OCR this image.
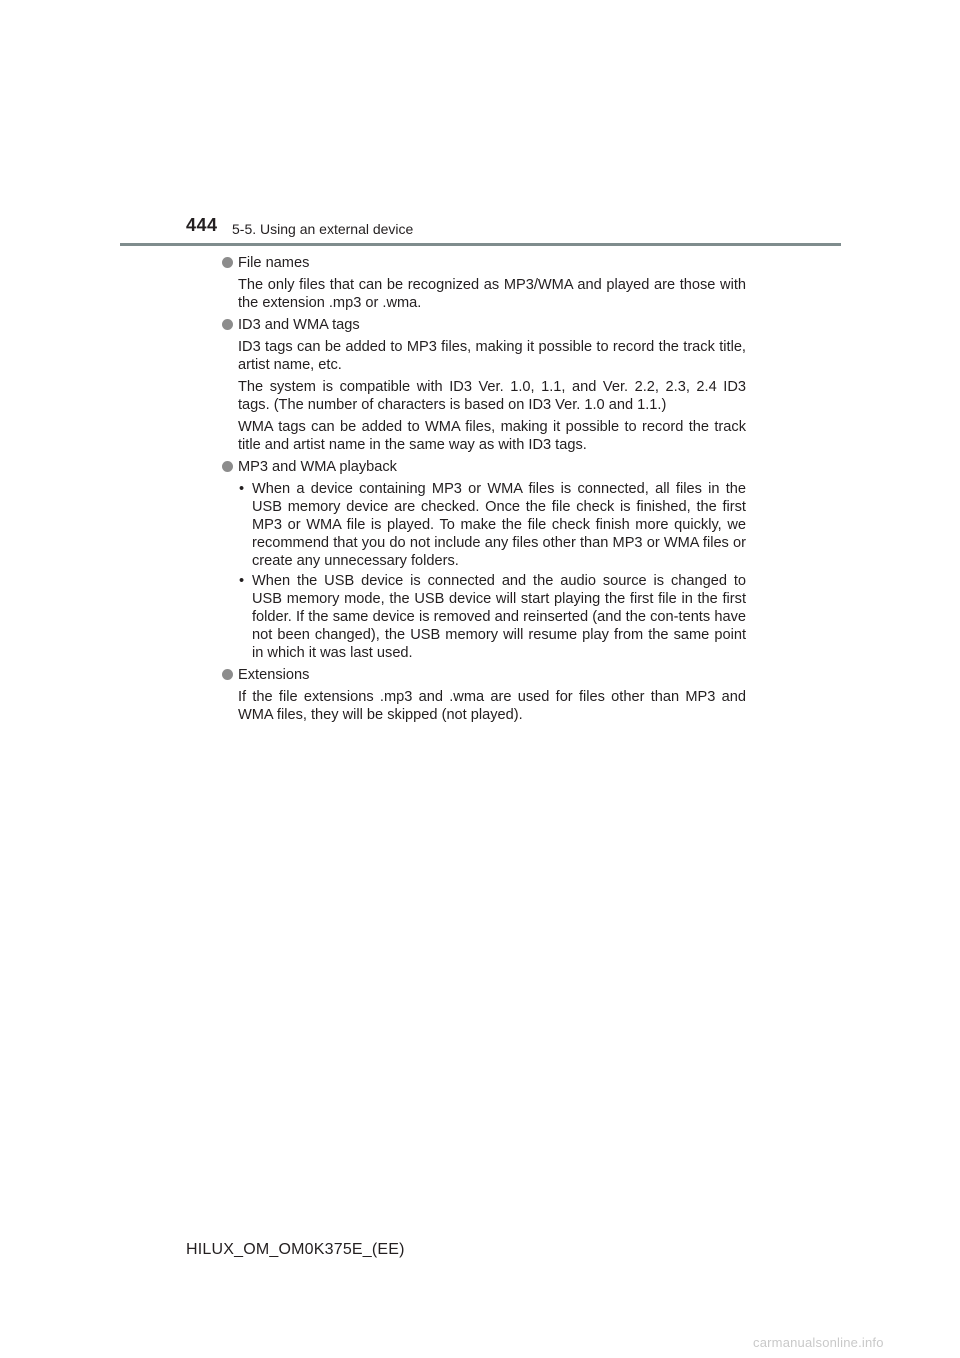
444 5-5. Using an external device
File names

The only files that can be recognized as MP3/WMA and played are those with the extension .mp3 or .wma.

ID3 and WMA tags

ID3 tags can be added to MP3 files, making it possible to record the track title, artist name, etc.

The system is compatible with ID3 Ver. 1.0, 1.1, and Ver. 2.2, 2.3, 2.4 ID3 tags. (The number of characters is based on ID3 Ver. 1.0 and 1.1.)

WMA tags can be added to WMA files, making it possible to record the track title and artist name in the same way as with ID3 tags.

MP3 and WMA playback
• When a device containing MP3 or WMA files is connected, all files in the USB memory device are checked. Once the file check is finished, the first MP3 or WMA file is played. To make the file check finish more quickly, we recommend that you do not include any files other than MP3 or WMA files or create any unnecessary folders.
• When the USB device is connected and the audio source is changed to USB memory mode, the USB device will start playing the first file in the first folder. If the same device is removed and reinserted (and the con-tents have not been changed), the USB memory will resume play from the same point in which it was last used.
Extensions

If the file extensions .mp3 and .wma are used for files other than MP3 and WMA files, they will be skipped (not played).

HILUX_OM_OM0K375E_(EE)
carmanualsonline.info
